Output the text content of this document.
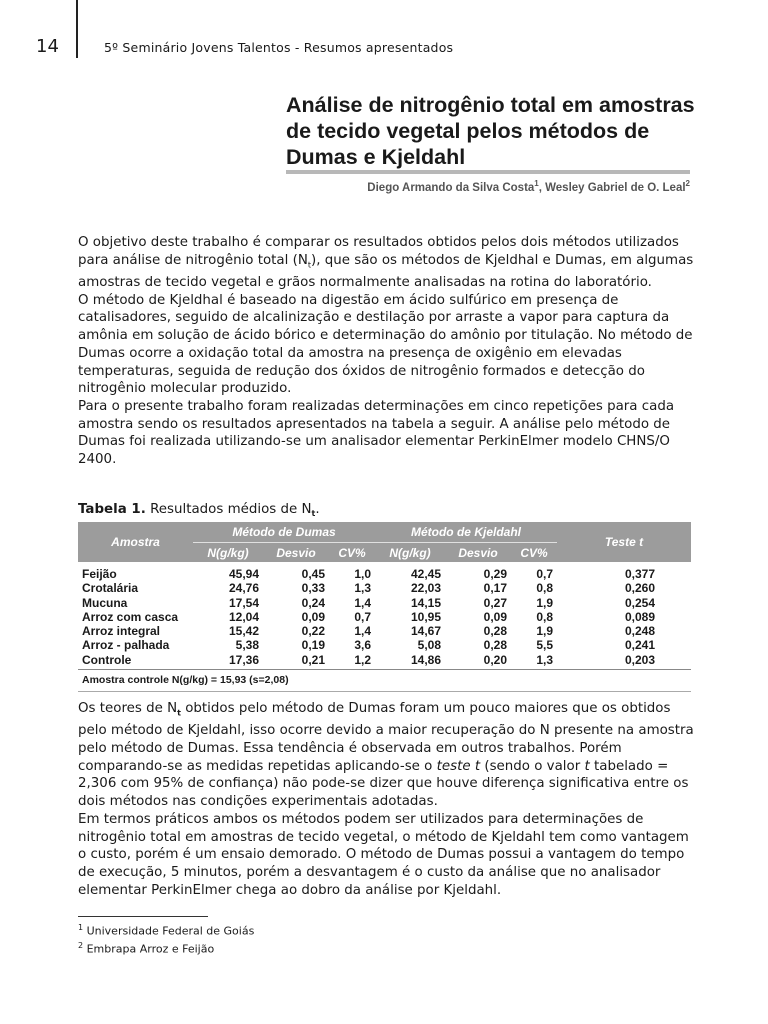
14	5º Seminário Jovens Talentos - Resumos apresentados
Análise de nitrogênio total em amostras de tecido vegetal pelos métodos de Dumas e Kjeldahl
Diego Armando da Silva Costa$^1$, Wesley Gabriel de O. Leal$^2$

O objetivo deste trabalho é comparar os resultados obtidos pelos dois métodos utilizados para análise de nitrogênio total $(N_t)$, que são os métodos de Kjeldhal e Dumas, em algumas amostras de tecido vegetal e grãos normalmente analisadas na rotina do laboratório.

O método de Kjeldhal é baseado na digestão em ácido sulfúrico em presença de catalisadores, seguido de alcalinização e destilação por arraste a vapor para captura da amônia em solução de ácido bórico e determinação do amônio por titulação. No método de Dumas ocorre a oxidação total da amostra na presença de oxigênio em elevadas temperaturas, seguida de redução dos óxidos de nitrogênio formados e detecção do nitrogênio molecular produzido.

Para o presente trabalho foram realizadas determinações em cinco repetições para cada amostra sendo os resultados apresentados na tabela a seguir. A análise pelo método de Dumas foi realizada utilizando-se um analisador elementar PerkinElmer modelo CHNS/O 2400.

Tabela 1. Resultados médios de $N_t$.
Amostra	Método de Dumas			Método de Kjeldahl			Teste t
	N(g/kg)	Desvio	CV%	N(g/kg)	Desvio	CV%	
Feijão	45,94	0,45	1,0	42,45	0,29	0,7	0,377
Crotalária	24,76	0,33	1,3	22,03	0,17	0,8	0,260
Mucuna	17,54	0,24	1,4	14,15	0,27	1,9	0,254
Arroz com casca	12,04	0,09	0,7	10,95	0,09	0,8	0,089
Arroz integral	15,42	0,22	1,4	14,67	0,28	1,9	0,248
Arroz - palhada	5,38	0,19	3,6	5,08	0,28	5,5	0,241
Controle	17,36	0,21	1,2	14,86	0,20	1,3	0,203
Amostra controle N(g/kg) = 15,93 (s=2,08)

Os teores de $N_t$ obtidos pelo método de Dumas foram um pouco maiores que os obtidos pelo método de Kjeldahl, isso ocorre devido a maior recuperação do N presente na amostra pelo método de Dumas. Essa tendência é observada em outros trabalhos. Porém comparando-se as medidas repetidas aplicando-se o teste t (sendo o valor t tabelado = 2,306 com 95% de confiança) não pode-se dizer que houve diferença significativa entre os dois métodos nas condições experimentais adotadas.

Em termos práticos ambos os métodos podem ser utilizados para determinações de nitrogênio total em amostras de tecido vegetal, o método de Kjeldahl tem como vantagem o custo, porém é um ensaio demorado. O método de Dumas possui a vantagem do tempo de execução, 5 minutos, porém a desvantagem é o custo da análise que no analisador elementar PerkinElmer chega ao dobro da análise por Kjeldahl.

$^1$ Universidade Federal de Goiás
$^2$ Embrapa Arroz e Feijão
